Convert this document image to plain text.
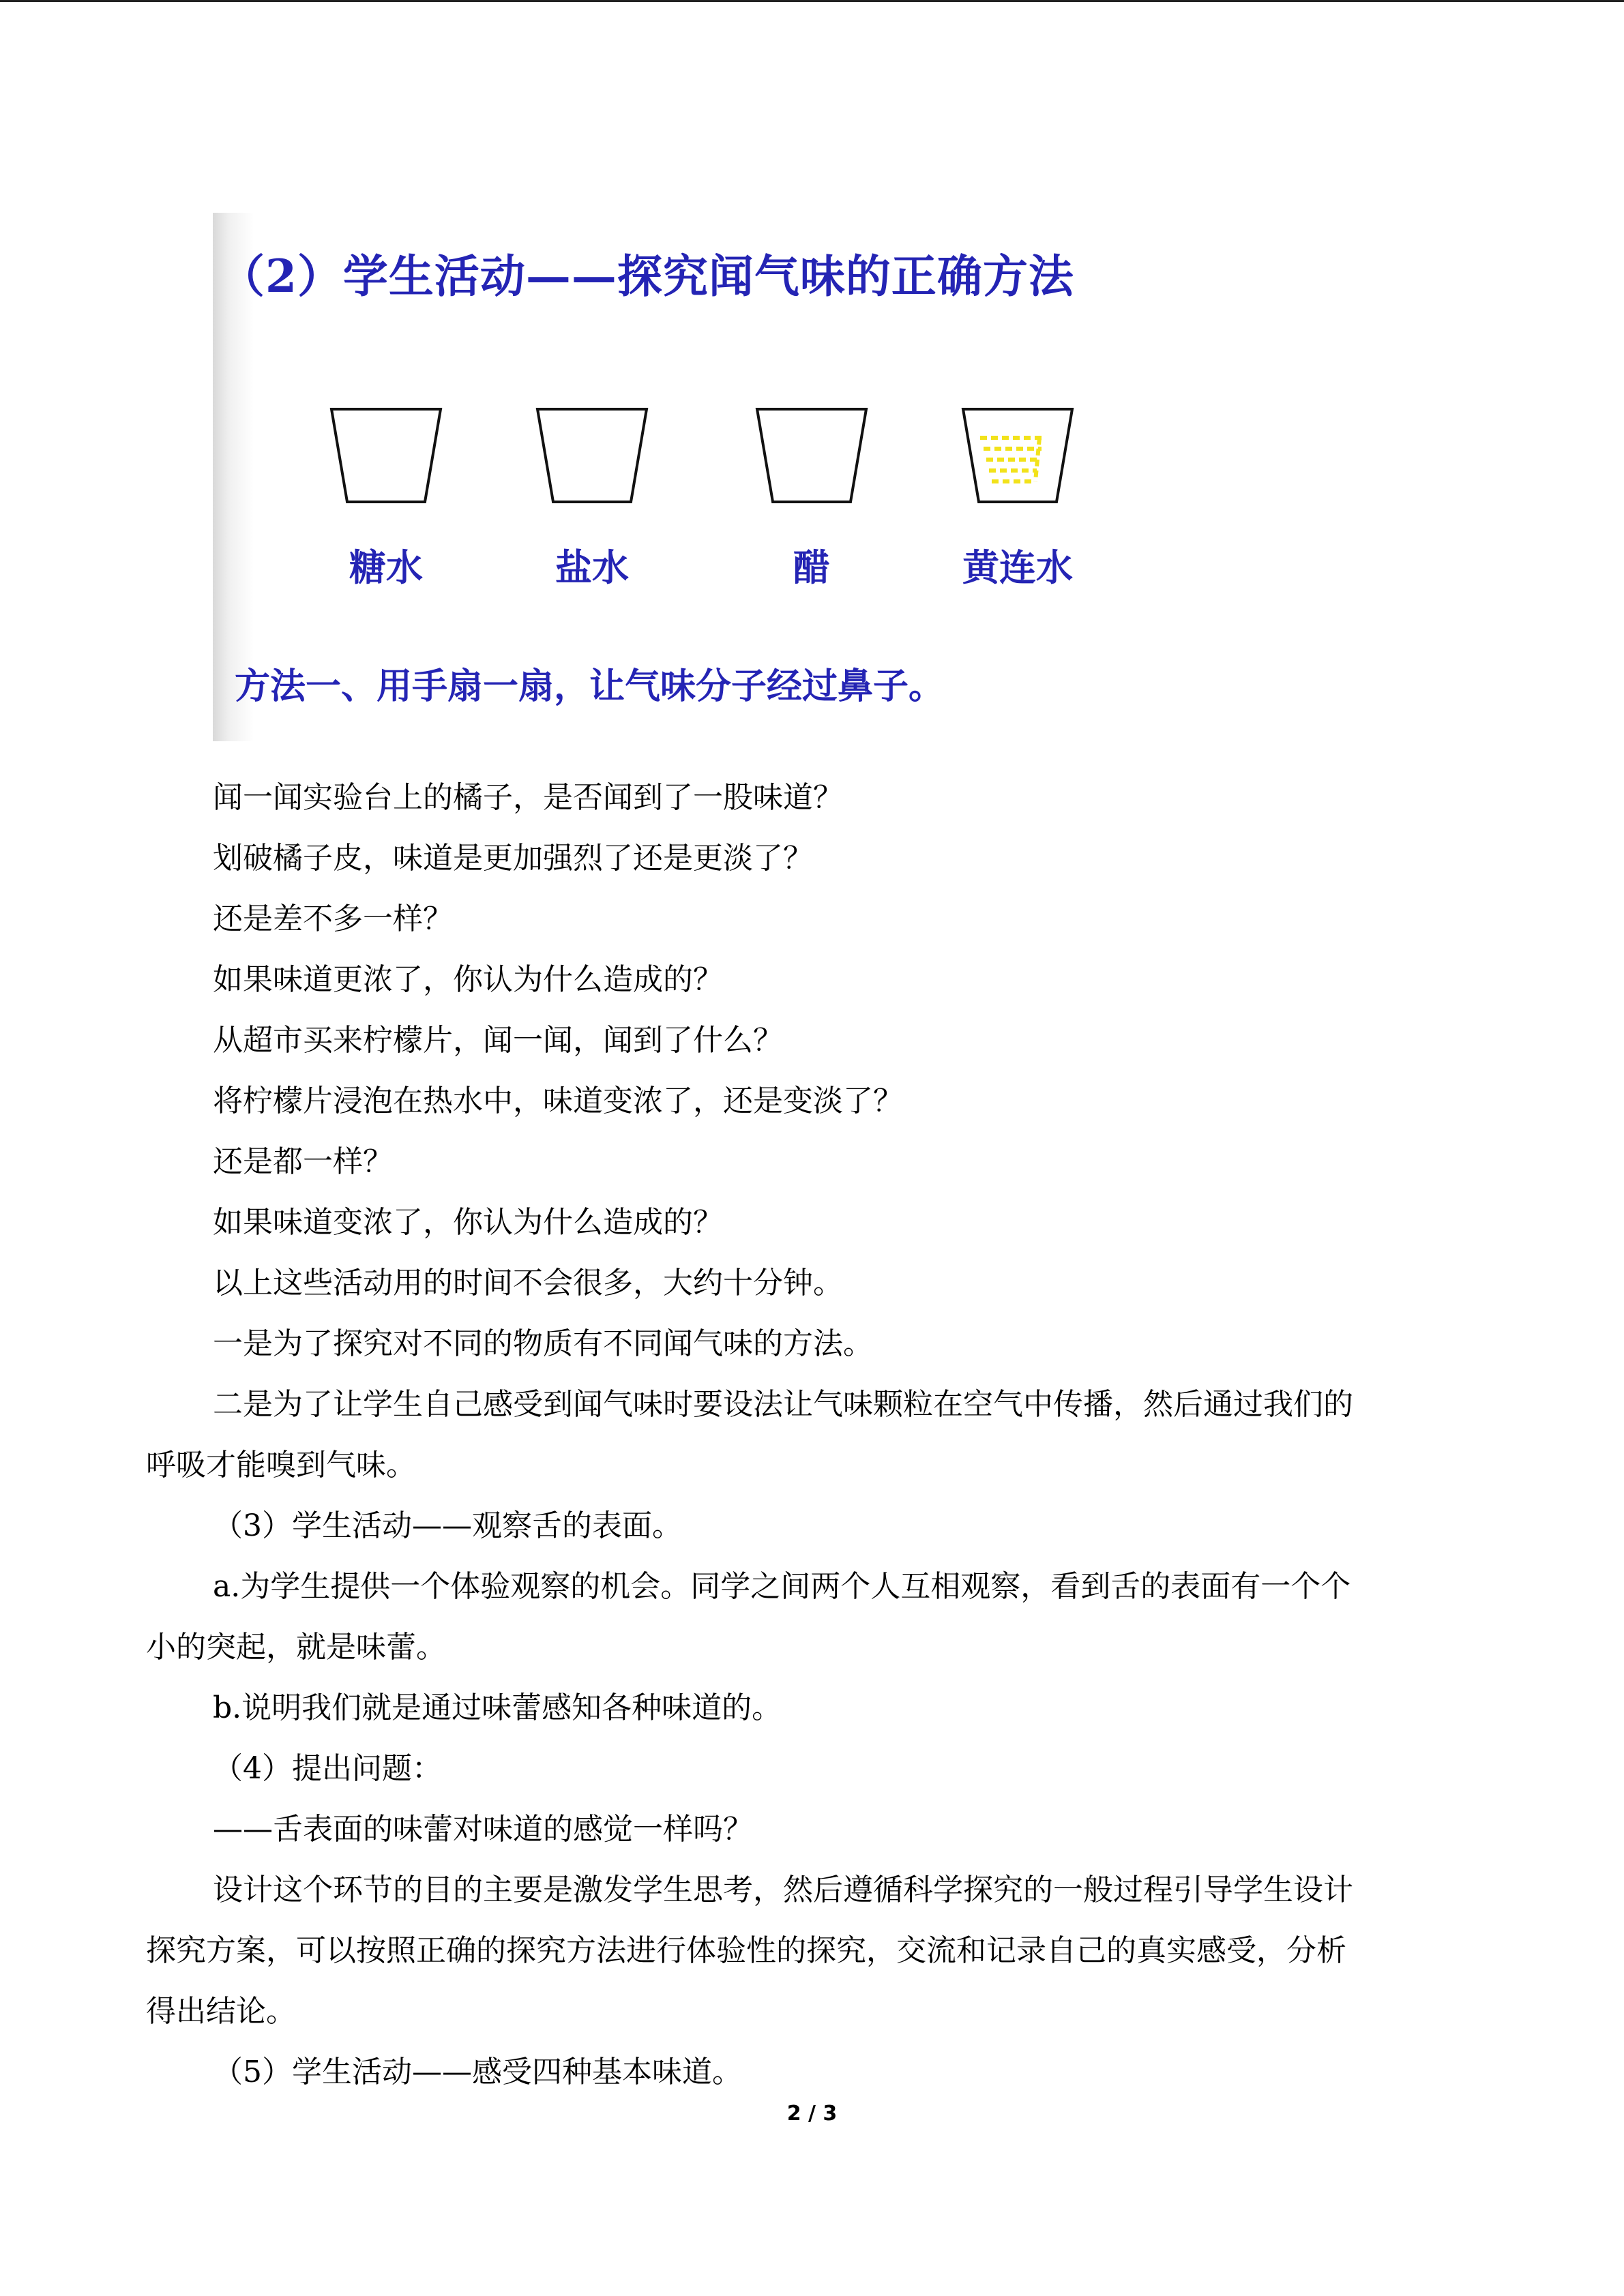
（2）学生活动——探究闻气味的正确方法
糖水	盐水	醋	黄连水
方法一、用手扇一扇，让气味分子经过鼻子。
闻一闻实验台上的橘子，是否闻到了一股味道？
划破橘子皮，味道是更加强烈了还是更淡了？
还是差不多一样？
如果味道更浓了，你认为什么造成的？
从超市买来柠檬片，闻一闻，闻到了什么？
将柠檬片浸泡在热水中，味道变浓了，还是变淡了？
还是都一样？
如果味道变浓了，你认为什么造成的？
以上这些活动用的时间不会很多，大约十分钟。
一是为了探究对不同的物质有不同闻气味的方法。
二是为了让学生自己感受到闻气味时要设法让气味颗粒在空气中传播，然后通过我们的
呼吸才能嗅到气味。
（3）学生活动——观察舌的表面。
a.为学生提供一个体验观察的机会。同学之间两个人互相观察，看到舌的表面有一个个
小的突起，就是味蕾。
b.说明我们就是通过味蕾感知各种味道的。
（4）提出问题：
——舌表面的味蕾对味道的感觉一样吗？
设计这个环节的目的主要是激发学生思考，然后遵循科学探究的一般过程引导学生设计
探究方案，可以按照正确的探究方法进行体验性的探究，交流和记录自己的真实感受，分析
得出结论。
（5）学生活动——感受四种基本味道。
2 / 3
